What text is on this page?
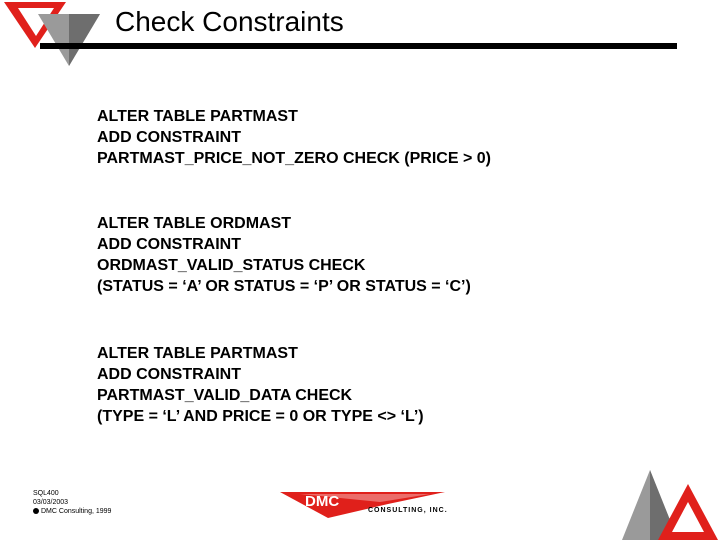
Check Constraints
ALTER TABLE PARTMAST
ADD CONSTRAINT
PARTMAST_PRICE_NOT_ZERO CHECK (PRICE > 0)
ALTER TABLE ORDMAST
ADD CONSTRAINT
ORDMAST_VALID_STATUS CHECK
(STATUS = ‘A’ OR STATUS = ‘P’ OR STATUS = ‘C’)
ALTER TABLE PARTMAST
ADD CONSTRAINT
PARTMAST_VALID_DATA CHECK
(TYPE = ‘L’ AND PRICE = 0 OR TYPE <> ‘L’)
SQL400
03/03/2003
DMC Consulting, 1999
DMC
CONSULTING, INC.
